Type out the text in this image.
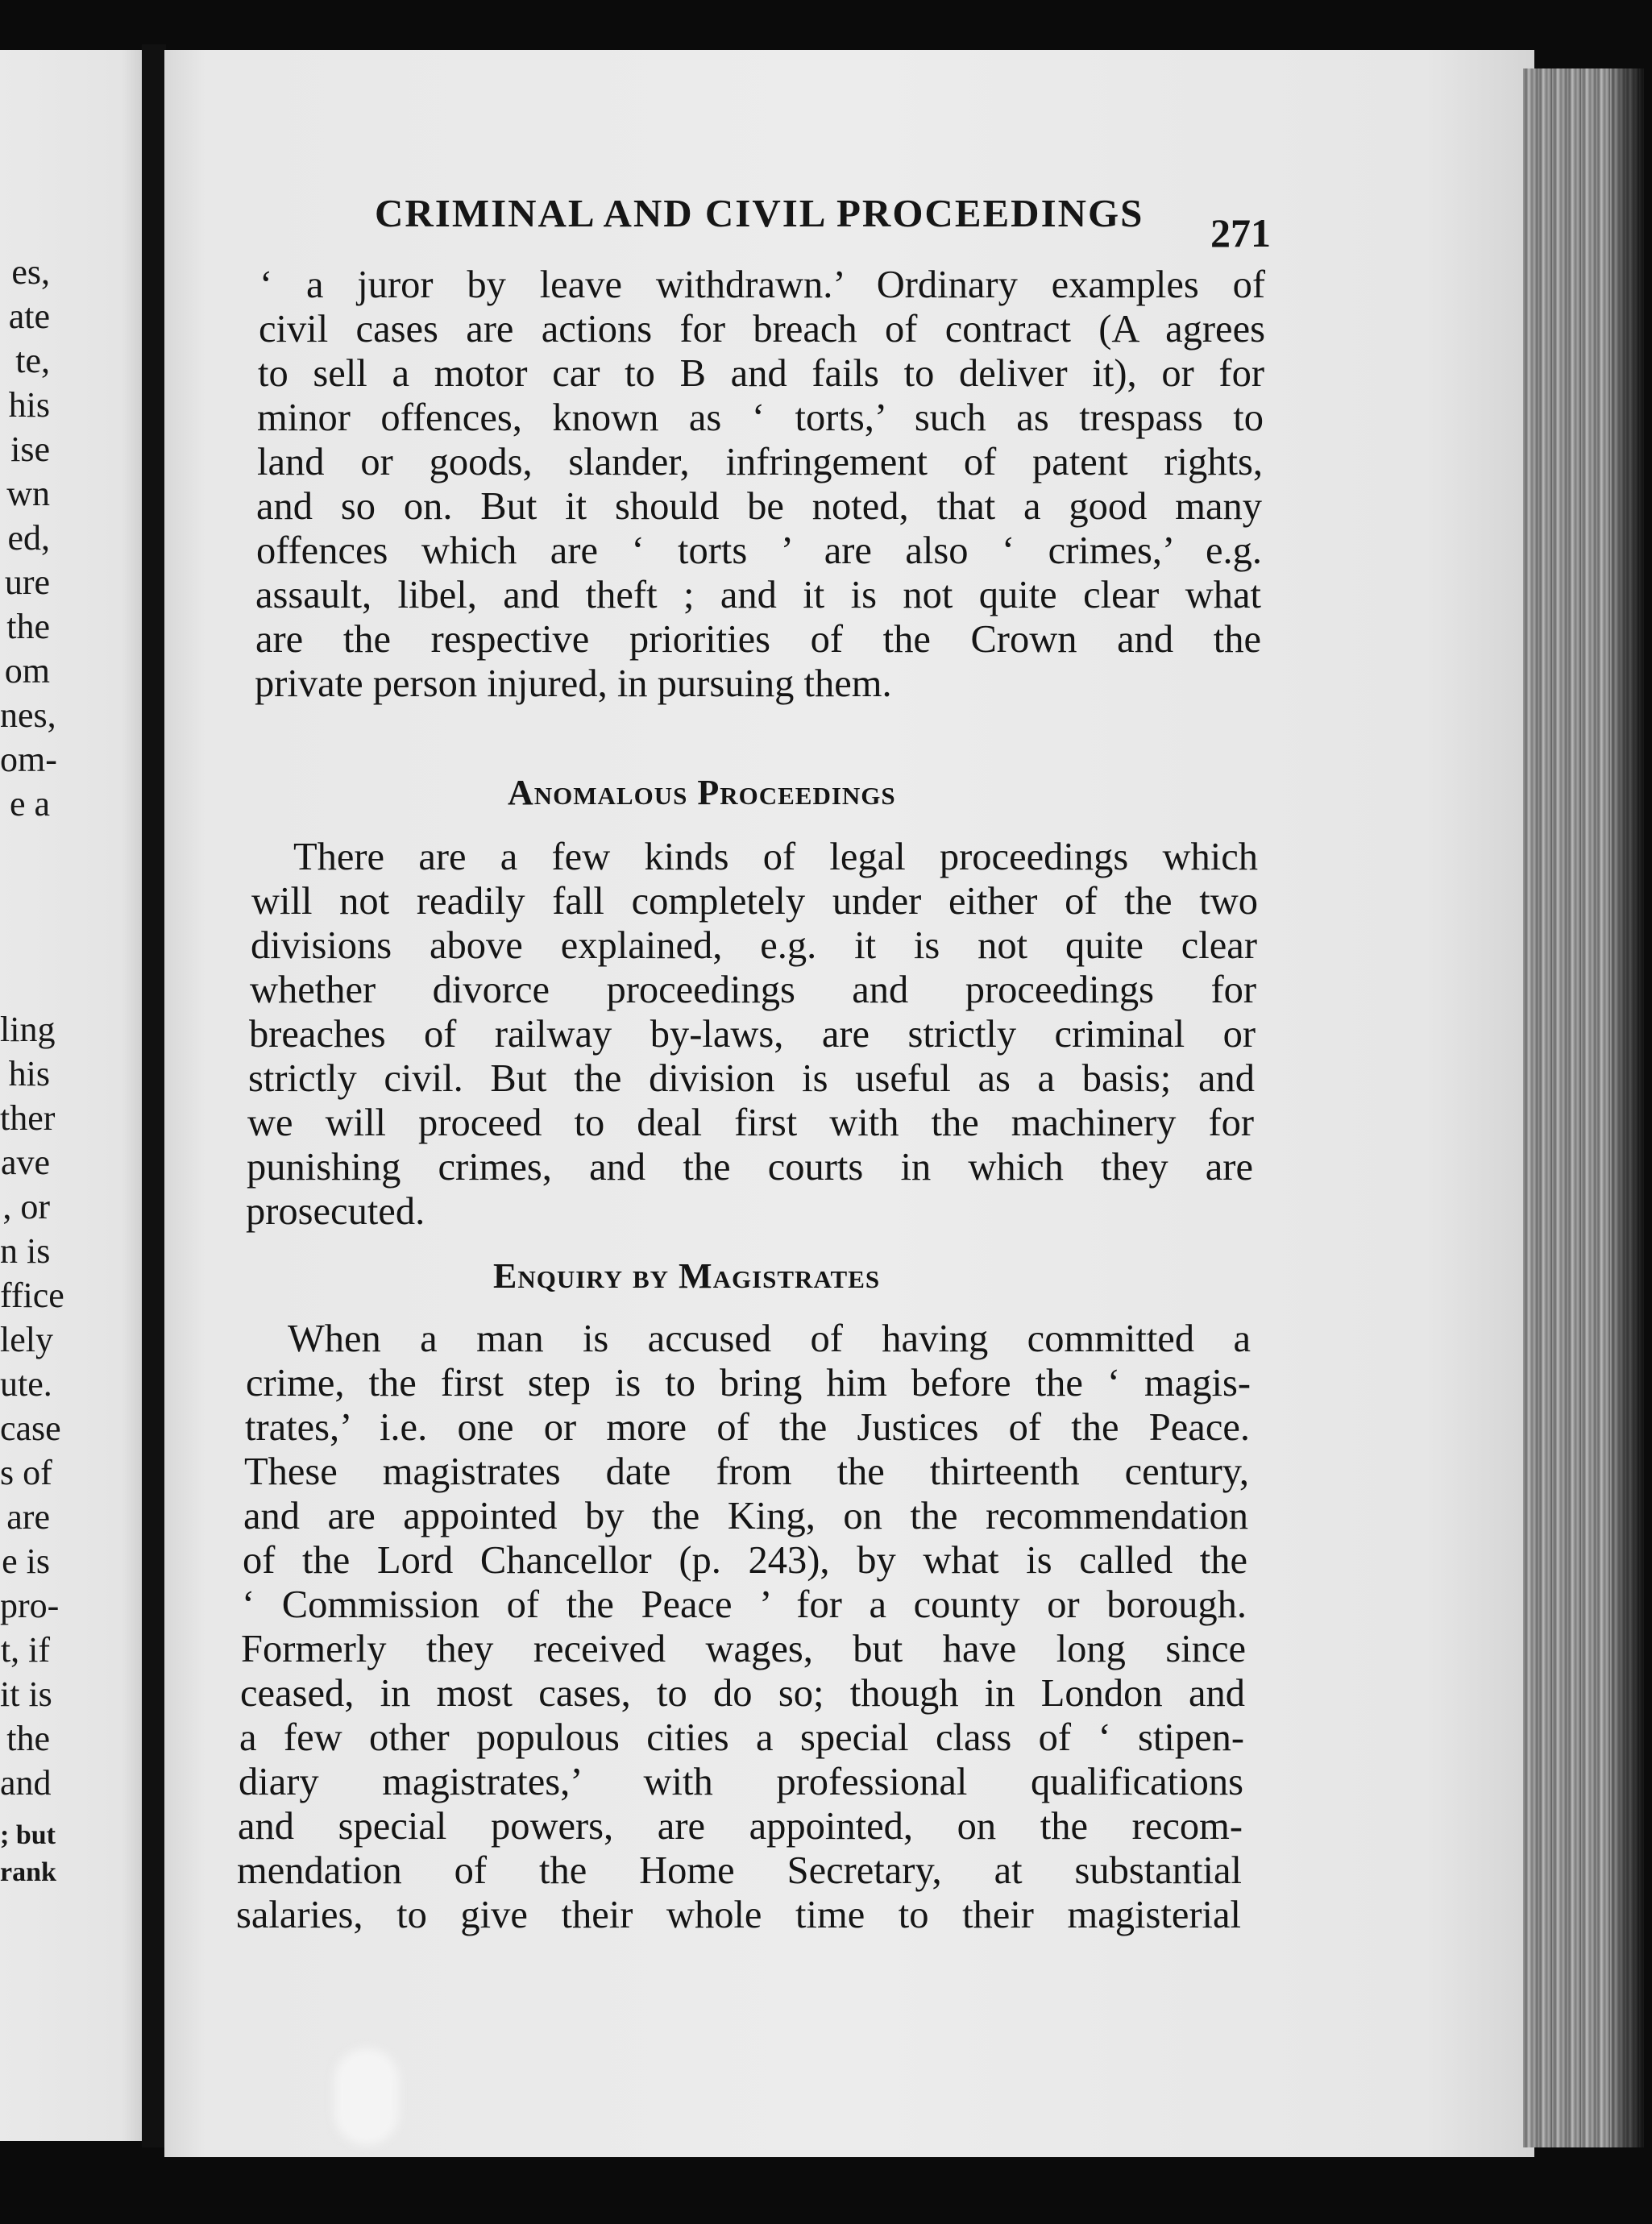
es,
ate
te,
his
ise
wn
ed,
ure
the
om
nes,
om-
e a
ling
his
ther
ave
, or
n is
ffice
lely
ute.
case
s of
are
e is
pro-
t, if
it is
the
and
; but
rank
CRIMINAL AND CIVIL PROCEEDINGS	271
‘ a juror by leave withdrawn.’ Ordinary examples of
civil cases are actions for breach of contract (A agrees
to sell a motor car to B and fails to deliver it), or for
minor offences, known as ‘ torts,’ such as trespass to
land or goods, slander, infringement of patent rights,
and so on. But it should be noted, that a good many
offences which are ‘ torts ’ are also ‘ crimes,’ e.g.
assault, libel, and theft ; and it is not quite clear what
are the respective priorities of the Crown and the
private person injured, in pursuing them.
Anomalous Proceedings
There are a few kinds of legal proceedings which
will not readily fall completely under either of the two
divisions above explained, e.g. it is not quite clear
whether divorce proceedings and proceedings for
breaches of railway by-laws, are strictly criminal or
strictly civil. But the division is useful as a basis; and
we will proceed to deal first with the machinery for
punishing crimes, and the courts in which they are
prosecuted.
Enquiry by Magistrates
When a man is accused of having committed a
crime, the first step is to bring him before the ‘ magis-
trates,’ i.e. one or more of the Justices of the Peace.
These magistrates date from the thirteenth century,
and are appointed by the King, on the recommendation
of the Lord Chancellor (p. 243), by what is called the
‘ Commission of the Peace ’ for a county or borough.
Formerly they received wages, but have long since
ceased, in most cases, to do so; though in London and
a few other populous cities a special class of ‘ stipen-
diary magistrates,’ with professional qualifications
and special powers, are appointed, on the recom-
mendation of the Home Secretary, at substantial
salaries, to give their whole time to their magisterial
